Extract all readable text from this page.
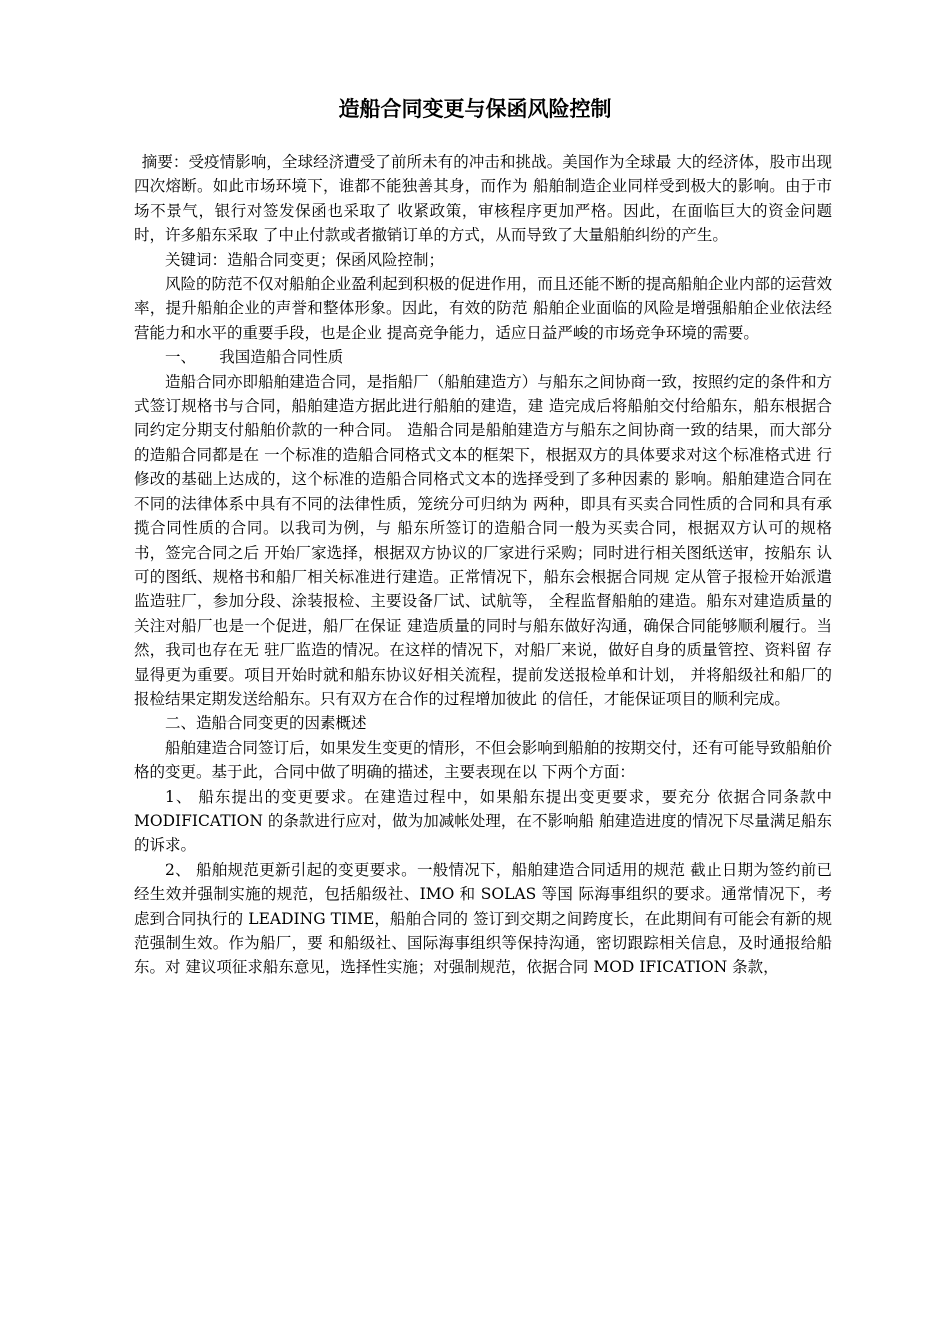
造船合同变更与保函风险控制

摘要：受疫情影响，全球经济遭受了前所未有的冲击和挑战。美国作为全球最 大的经济体，股市出现四次熔断。如此市场环境下，谁都不能独善其身，而作为 船舶制造企业同样受到极大的影响。由于市场不景气，银行对签发保函也采取了 收紧政策，审核程序更加严格。因此，在面临巨大的资金问题时，许多船东采取 了中止付款或者撤销订单的方式，从而导致了大量船舶纠纷的产生。

关键词：造船合同变更；保函风险控制；

风险的防范不仅对船舶企业盈利起到积极的促进作用，而且还能不断的提高船舶企业内部的运营效率，提升船舶企业的声誉和整体形象。因此，有效的防范 船舶企业面临的风险是增强船舶企业依法经营能力和水平的重要手段，也是企业 提高竞争能力，适应日益严峻的市场竞争环境的需要。

一、　　我国造船合同性质

造船合同亦即船舶建造合同，是指船厂（船舶建造方）与船东之间协商一致，按照约定的条件和方式签订规格书与合同，船舶建造方据此进行船舶的建造，建 造完成后将船舶交付给船东，船东根据合同约定分期支付船舶价款的一种合同。 造船合同是船舶建造方与船东之间协商一致的结果，而大部分的造船合同都是在 一个标准的造船合同格式文本的框架下，根据双方的具体要求对这个标准格式进 行修改的基础上达成的，这个标准的造船合同格式文本的选择受到了多种因素的 影响。船舶建造合同在不同的法律体系中具有不同的法律性质，笼统分可归纳为 两种，即具有买卖合同性质的合同和具有承揽合同性质的合同。以我司为例，与 船东所签订的造船合同一般为买卖合同，根据双方认可的规格书，签完合同之后 开始厂家选择，根据双方协议的厂家进行采购；同时进行相关图纸送审，按船东 认可的图纸、规格书和船厂相关标准进行建造。正常情况下，船东会根据合同规 定从管子报检开始派遣监造驻厂，参加分段、涂装报检、主要设备厂试、试航等， 全程监督船舶的建造。船东对建造质量的关注对船厂也是一个促进，船厂在保证 建造质量的同时与船东做好沟通，确保合同能够顺利履行。当然，我司也存在无 驻厂监造的情况。在这样的情况下，对船厂来说，做好自身的质量管控、资料留 存显得更为重要。项目开始时就和船东协议好相关流程，提前发送报检单和计划， 并将船级社和船厂的报检结果定期发送给船东。只有双方在合作的过程增加彼此 的信任，才能保证项目的顺利完成。

二、造船合同变更的因素概述

船舶建造合同签订后，如果发生变更的情形，不但会影响到船舶的按期交付，还有可能导致船舶价格的变更。基于此，合同中做了明确的描述，主要表现在以 下两个方面：

1、 船东提出的变更要求。在建造过程中，如果船东提出变更要求，要充分 依据合同条款中 MODIFICATION 的条款进行应对，做为加减帐处理，在不影响船 舶建造进度的情况下尽量满足船东的诉求。

2、 船舶规范更新引起的变更要求。一般情况下，船舶建造合同适用的规范 截止日期为签约前已经生效并强制实施的规范，包括船级社、IMO 和 SOLAS 等国 际海事组织的要求。通常情况下，考虑到合同执行的 LEADING TIME，船舶合同的 签订到交期之间跨度长，在此期间有可能会有新的规范强制生效。作为船厂，要 和船级社、国际海事组织等保持沟通，密切跟踪相关信息，及时通报给船东。对 建议项征求船东意见，选择性实施；对强制规范，依据合同 MOD IFICATION 条款，
